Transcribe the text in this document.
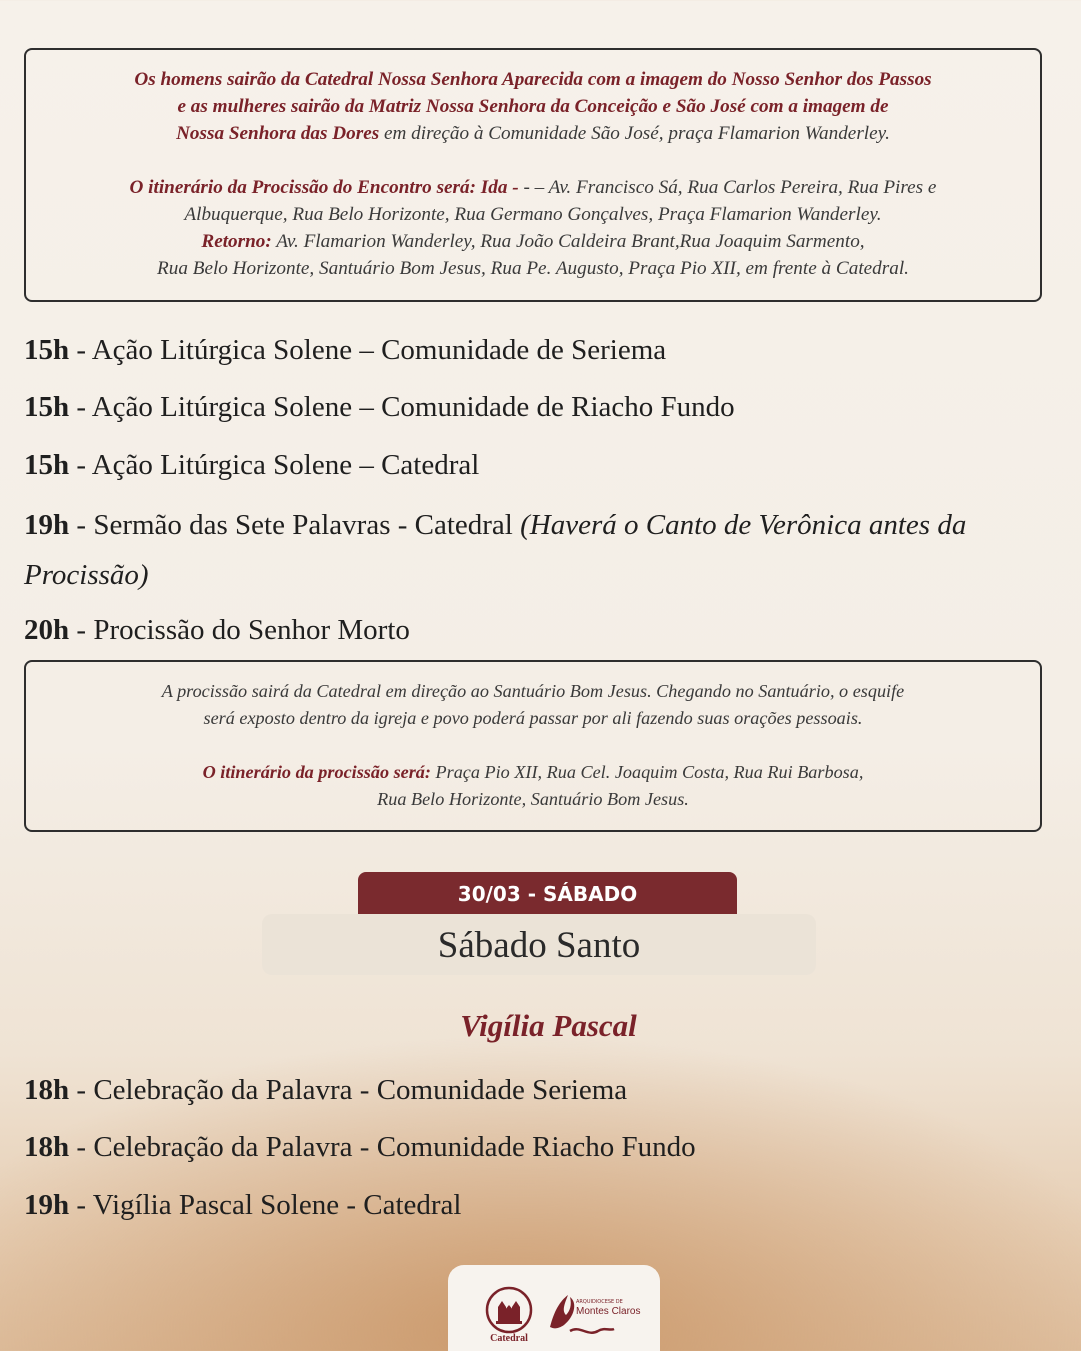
Os homens sairão da Catedral Nossa Senhora Aparecida com a imagem do Nosso Senhor dos Passos

e as mulheres sairão da Matriz Nossa Senhora da Conceição e São José com a imagem de

Nossa Senhora das Dores em direção à Comunidade São José, praça Flamarion Wanderley.

O itinerário da Procissão do Encontro será: Ida - - – Av. Francisco Sá, Rua Carlos Pereira, Rua Pires e

Albuquerque, Rua Belo Horizonte, Rua Germano Gonçalves, Praça Flamarion Wanderley.

Retorno: Av. Flamarion Wanderley, Rua João Caldeira Brant,Rua Joaquim Sarmento,

Rua Belo Horizonte, Santuário Bom Jesus, Rua Pe. Augusto, Praça Pio XII, em frente à Catedral.

15h - Ação Litúrgica Solene – Comunidade de Seriema
15h - Ação Litúrgica Solene – Comunidade de Riacho Fundo
15h - Ação Litúrgica Solene – Catedral
19h - Sermão das Sete Palavras - Catedral (Haverá o Canto de Verônica antes da Procissão)
20h - Procissão do Senhor Morto

A procissão sairá da Catedral em direção ao Santuário Bom Jesus. Chegando no Santuário, o esquife

será exposto dentro da igreja e povo poderá passar por ali fazendo suas orações pessoais.

O itinerário da procissão será: Praça Pio XII, Rua Cel. Joaquim Costa, Rua Rui Barbosa,

Rua Belo Horizonte, Santuário Bom Jesus.

30/03 - SÁBADO
Sábado Santo
Vigília Pascal
18h - Celebração da Palavra - Comunidade Seriema
18h - Celebração da Palavra - Comunidade Riacho Fundo
19h - Vigília Pascal Solene - Catedral
Catedral
ARQUIDIOCESE DE
Montes Claros
